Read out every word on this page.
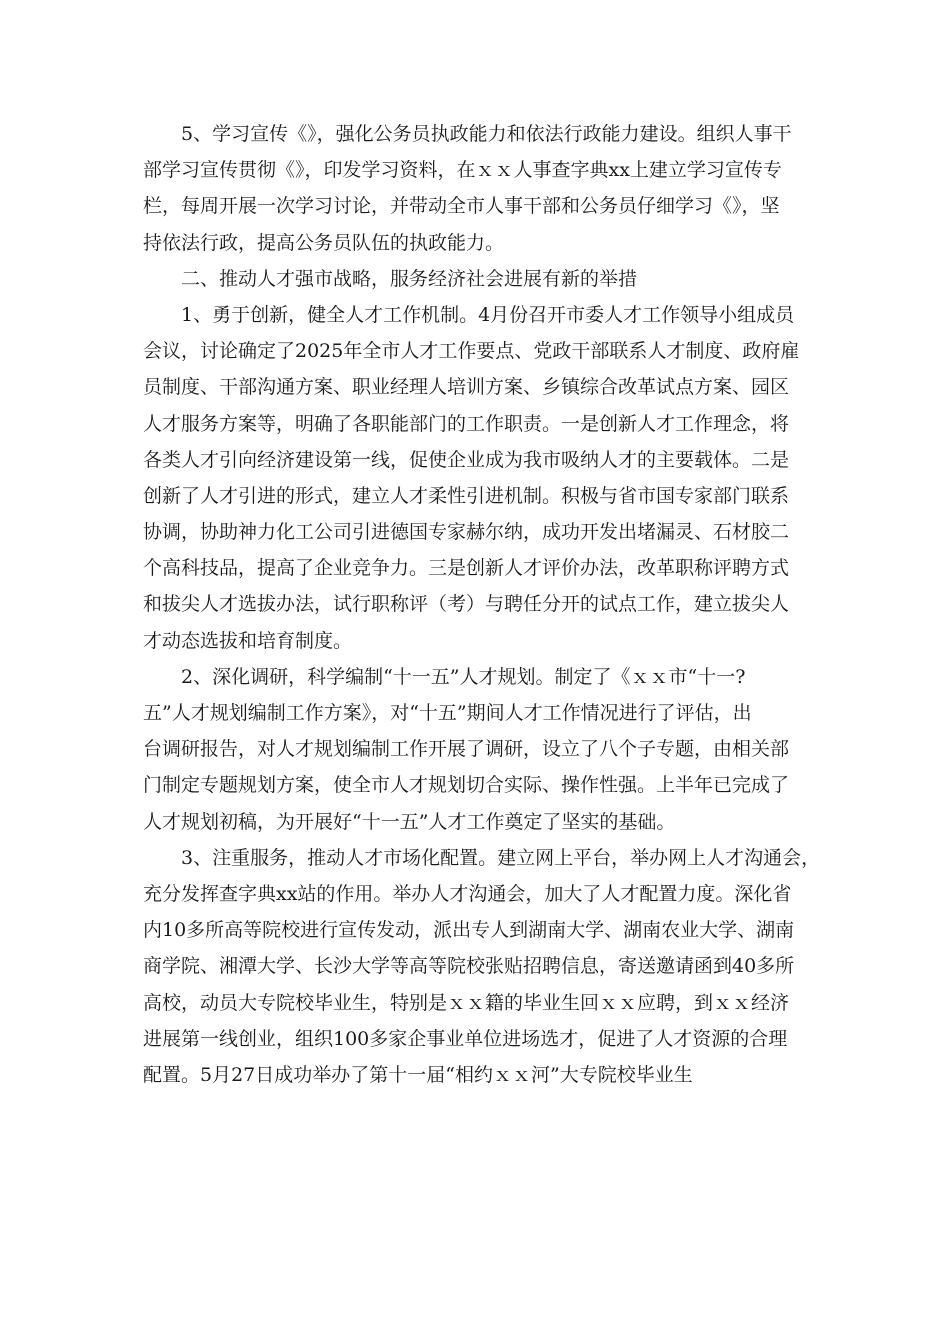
5、学习宣传《》，强化公务员执政能力和依法行政能力建设。组织人事干
部学习宣传贯彻《》，印发学习资料，在ｘｘ人事查字典xx上建立学习宣传专
栏，每周开展一次学习讨论，并带动全市人事干部和公务员仔细学习《》，坚
持依法行政，提高公务员队伍的执政能力。
二、推动人才强市战略，服务经济社会进展有新的举措
1、勇于创新，健全人才工作机制。4月份召开市委人才工作领导小组成员
会议，讨论确定了2025年全市人才工作要点、党政干部联系人才制度、政府雇
员制度、干部沟通方案、职业经理人培训方案、乡镇综合改革试点方案、园区
人才服务方案等，明确了各职能部门的工作职责。一是创新人才工作理念，将
各类人才引向经济建设第一线，促使企业成为我市吸纳人才的主要载体。二是
创新了人才引进的形式，建立人才柔性引进机制。积极与省市国专家部门联系
协调，协助神力化工公司引进德国专家赫尔纳，成功开发出堵漏灵、石材胶二
个高科技品，提高了企业竞争力。三是创新人才评价办法，改革职称评聘方式
和拔尖人才选拔办法，试行职称评（考）与聘任分开的试点工作，建立拔尖人
才动态选拔和培育制度。
2、深化调研，科学编制“十一五”人才规划。制定了《ｘｘ市“十一?
五”人才规划编制工作方案》，对“十五”期间人才工作情况进行了评估，出
台调研报告，对人才规划编制工作开展了调研，设立了八个子专题，由相关部
门制定专题规划方案，使全市人才规划切合实际、操作性强。上半年已完成了
人才规划初稿，为开展好“十一五”人才工作奠定了坚实的基础。
3、注重服务，推动人才市场化配置。建立网上平台，举办网上人才沟通会，
充分发挥查字典xx站的作用。举办人才沟通会，加大了人才配置力度。深化省
内10多所高等院校进行宣传发动，派出专人到湖南大学、湖南农业大学、湖南
商学院、湘潭大学、长沙大学等高等院校张贴招聘信息，寄送邀请函到40多所
高校，动员大专院校毕业生，特别是ｘｘ籍的毕业生回ｘｘ应聘，到ｘｘ经济
进展第一线创业，组织100多家企事业单位进场选才，促进了人才资源的合理
配置。5月27日成功举办了第十一届“相约ｘｘ河”大专院校毕业生
